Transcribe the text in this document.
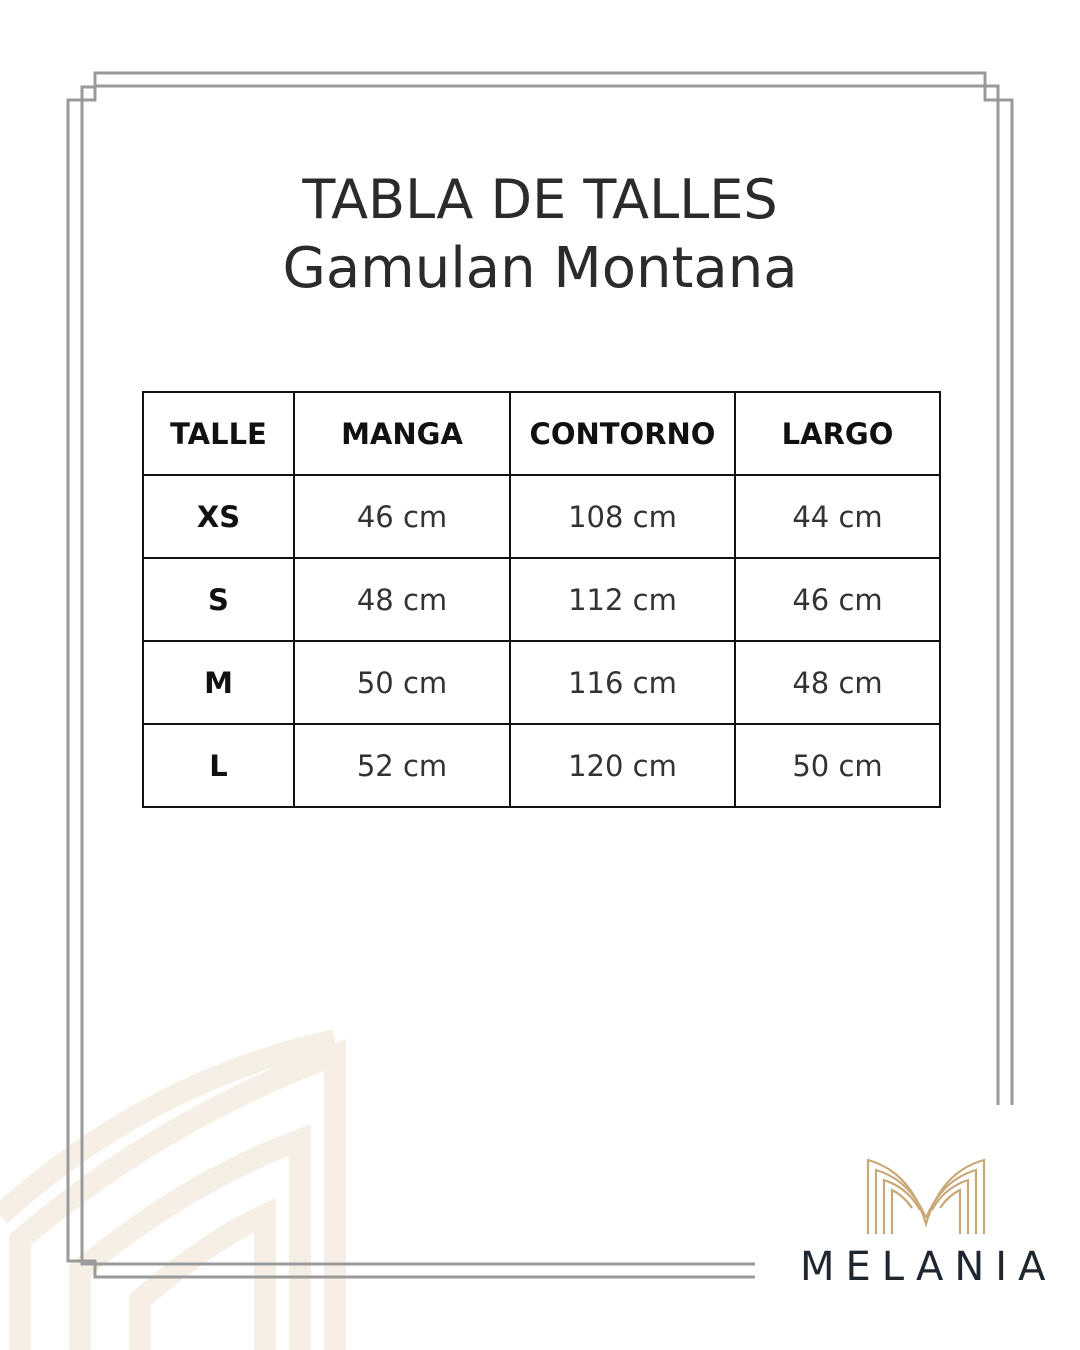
TABLA DE TALLES
Gamulan Montana
TALLE	MANGA	CONTORNO	LARGO
XS	46 cm	108 cm	44 cm
S	48 cm	112 cm	46 cm
M	50 cm	116 cm	48 cm
L	52 cm	120 cm	50 cm
MELANIA
